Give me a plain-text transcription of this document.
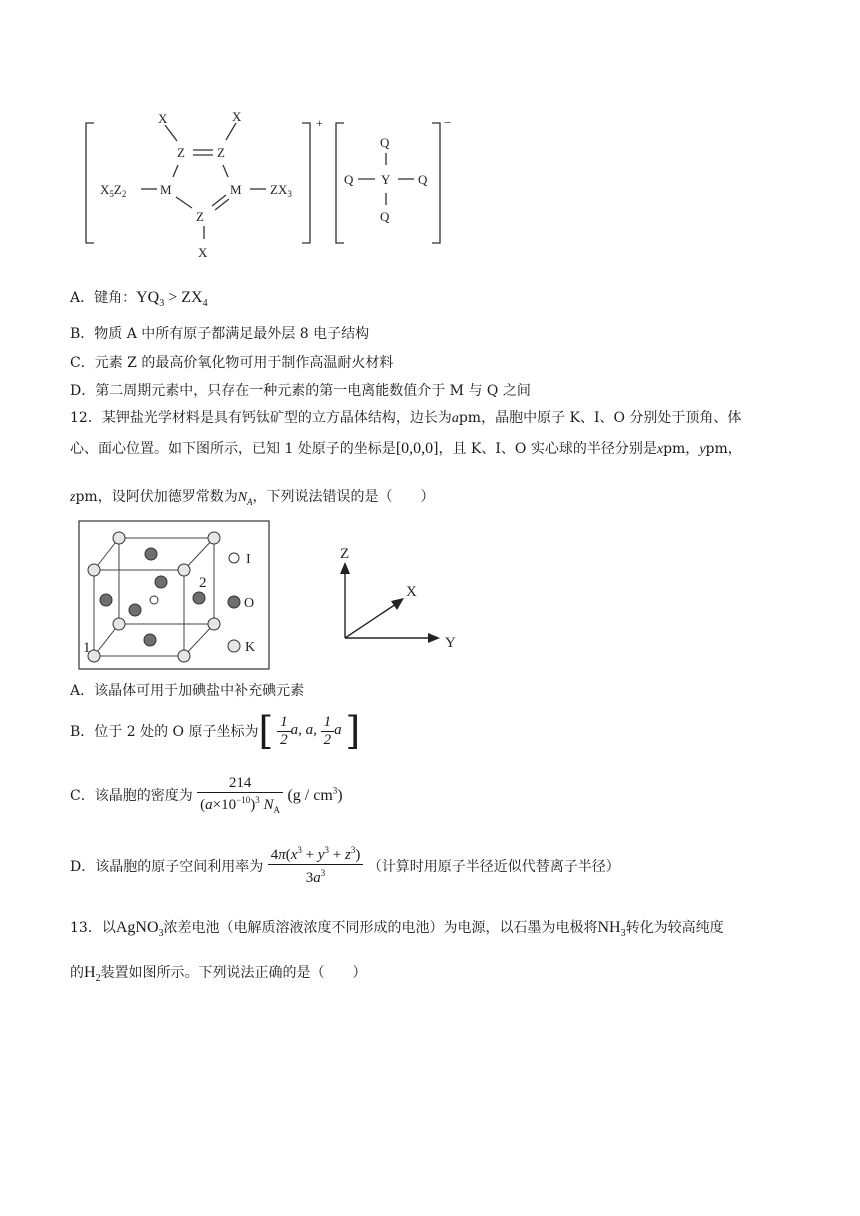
X	X
Z Z
M	M
Z
X
$X_5Z_2$	$ZX_3$
+
Q
Q Y Q
Q
−
A．键角：$YQ_3 > ZX_4$
B．物质 A 中所有原子都满足最外层 8 电子结构
C．元素 Z 的最高价氧化物可用于制作高温耐火材料
D．第二周期元素中，只存在一种元素的第一电离能数值介于 M 与 Q 之间
12．某钾盐光学材料是具有钙钛矿型的立方晶体结构，边长为apm，晶胞中原子 K、I、O 分别处于顶角、体
心、面心位置。如下图所示，已知 1 处原子的坐标是[0,0,0]，且 K、I、O 实心球的半径分别是xpm，ypm，
zpm，设阿伏加德罗常数为$N_A$，下列说法错误的是（　　）
1
2
I
O
K
Z
X
Y
A．该晶体可用于加碘盐中补充碘元素
B．位于 2 处的 O 原子坐标为[ $\frac{1}{2} a$, a, $\frac{1}{2}$ a ]
C．该晶胞的密度为 $\frac{214}{(a\times 10^{-10})^3 N_A} (g / cm^3)$
D．该晶胞的原子空间利用率为 $\frac{4\pi(x^3 + y^3 + z^3)}{3a^3}$ （计算时用原子半径近似代替离子半径）
13．以AgNO$_3$浓差电池（电解质溶液浓度不同形成的电池）为电源，以石墨为电极将$NH_3$转化为较高纯度
的$H_2$装置如图所示。下列说法正确的是（　　）
